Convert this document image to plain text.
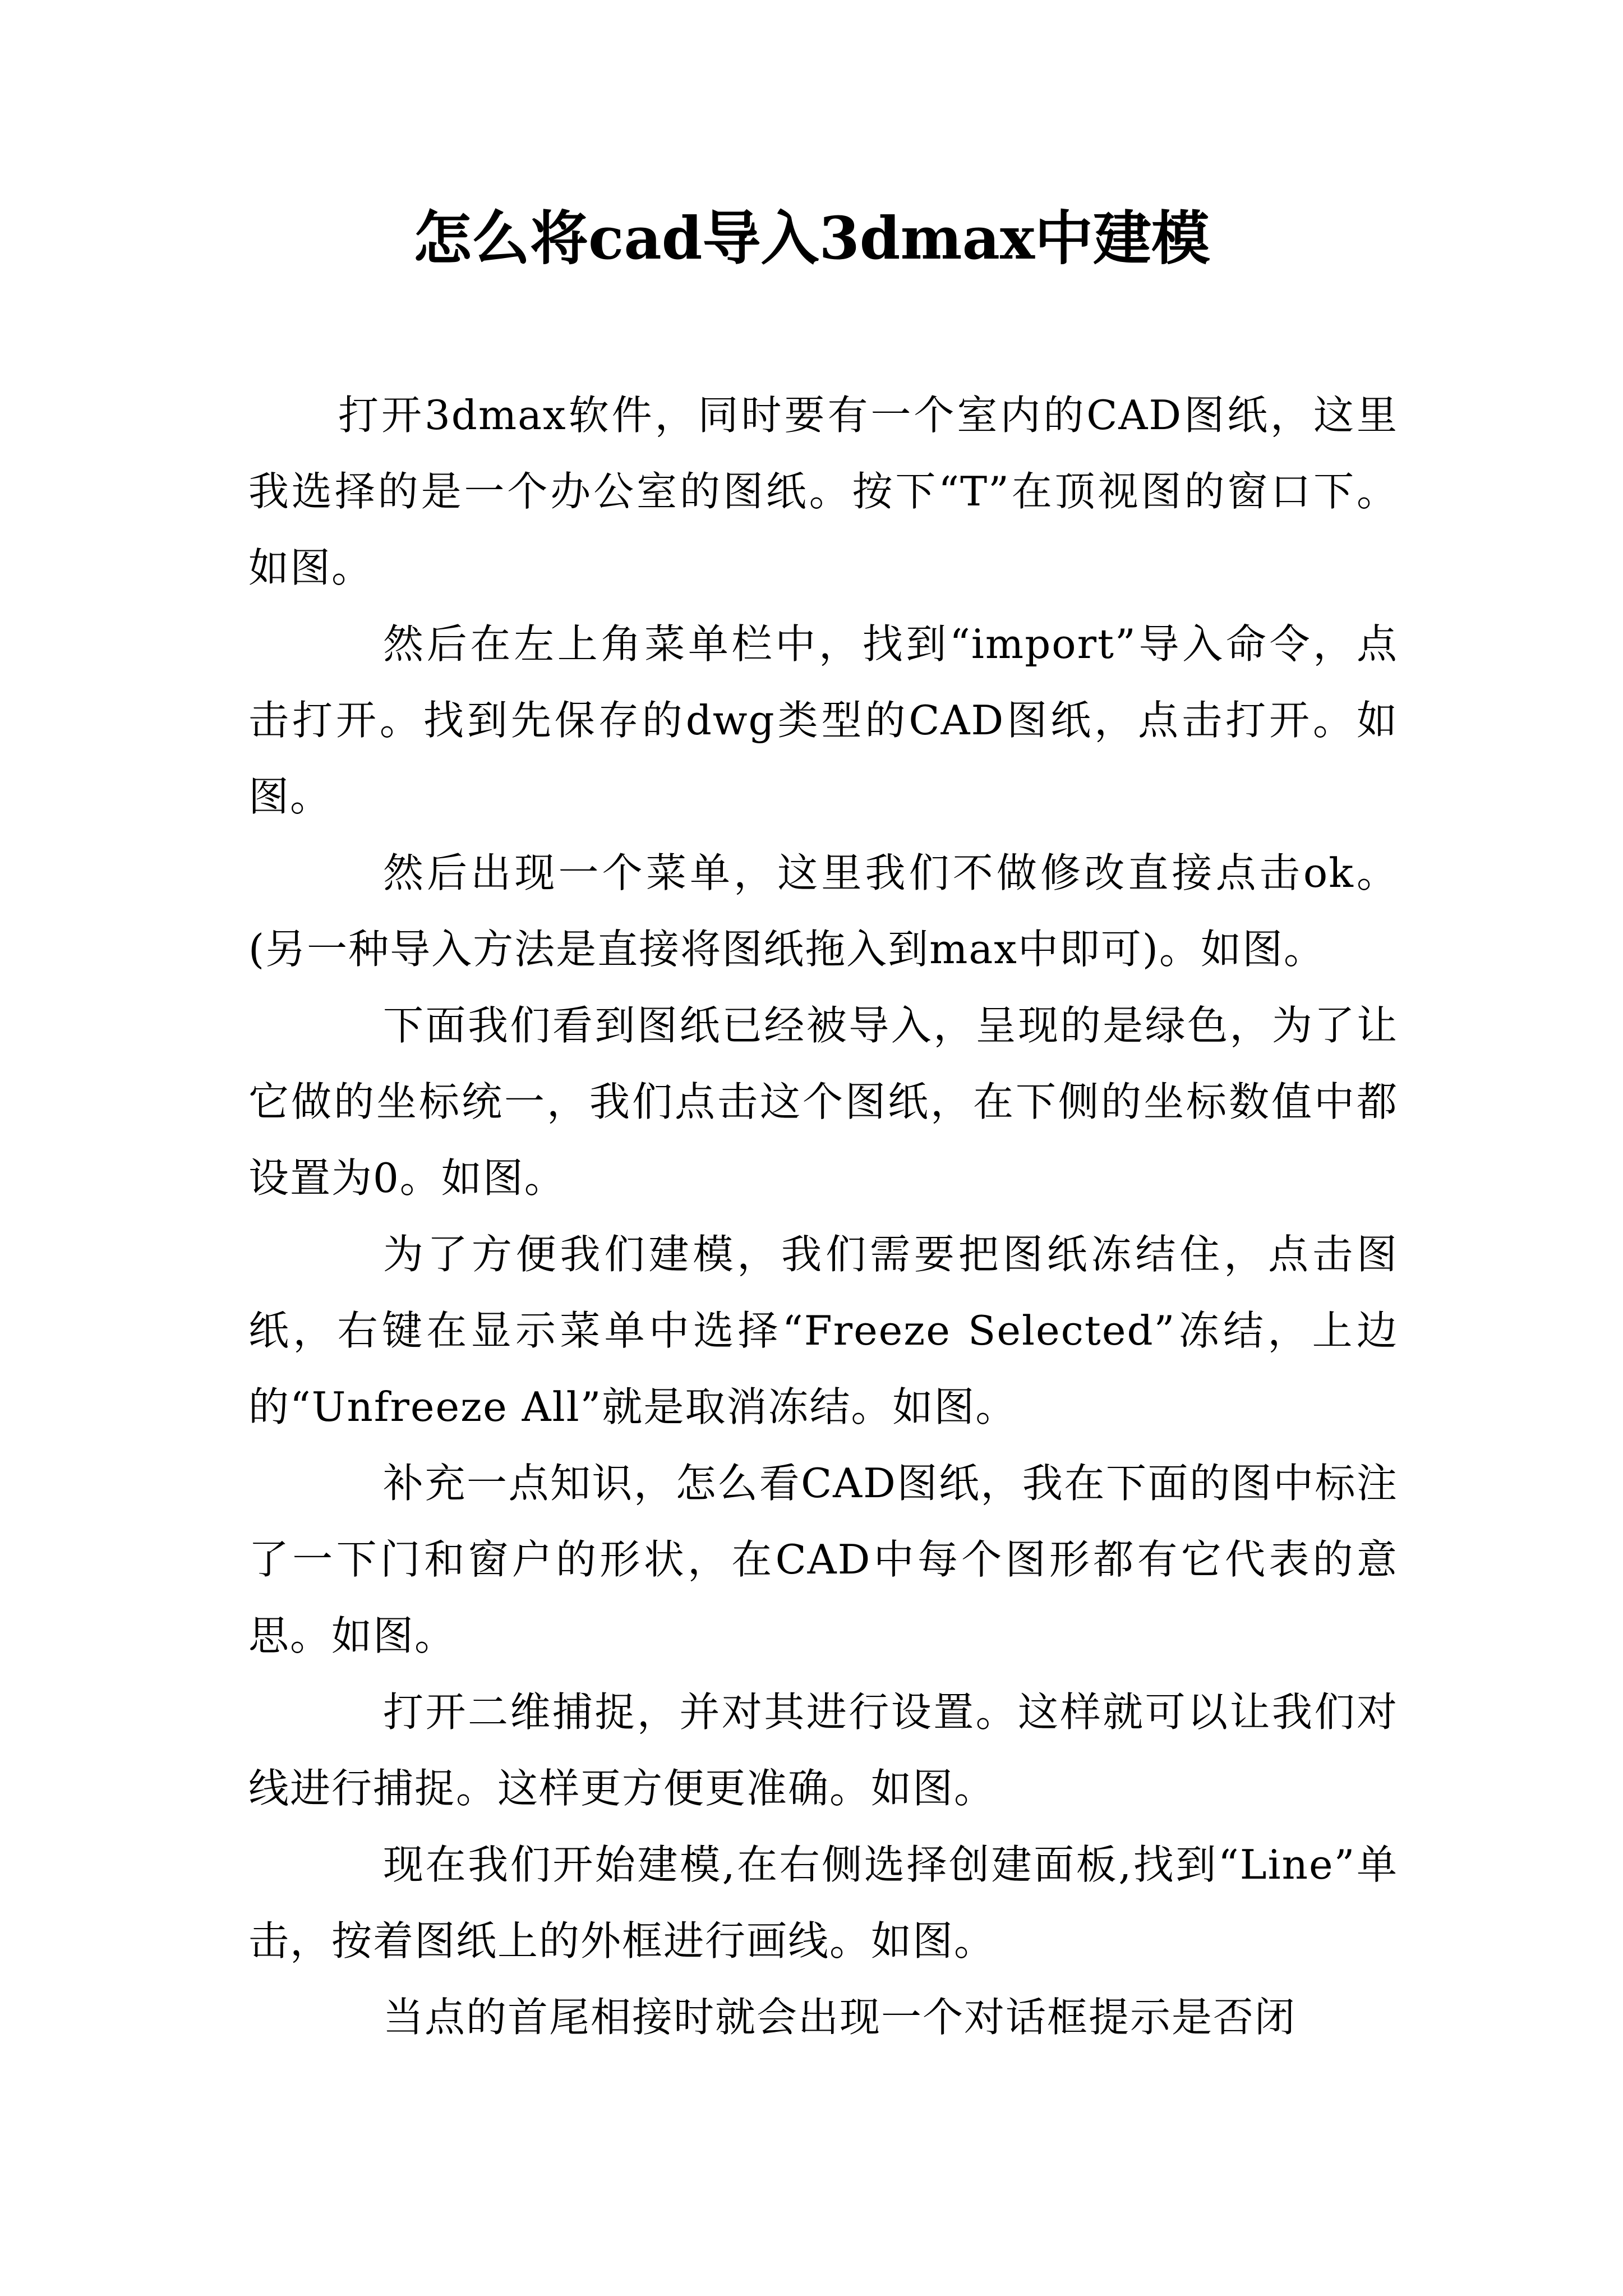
怎么将cad导入3dmax中建模

打开3dmax软件，同时要有一个室内的CAD图纸，这里我选择的是一个办公室的图纸。按下“T”在顶视图的窗口下。如图。

然后在左上角菜单栏中，找到“import”导入命令，点击打开。找到先保存的dwg类型的CAD图纸，点击打开。如图。

然后出现一个菜单，这里我们不做修改直接点击ok。(另一种导入方法是直接将图纸拖入到max中即可)。如图。

下面我们看到图纸已经被导入，呈现的是绿色，为了让它做的坐标统一，我们点击这个图纸，在下侧的坐标数值中都设置为0。如图。

为了方便我们建模，我们需要把图纸冻结住，点击图纸，右键在显示菜单中选择“Freeze Selected”冻结，上边的“Unfreeze All”就是取消冻结。如图。

补充一点知识，怎么看CAD图纸，我在下面的图中标注了一下门和窗户的形状，在CAD中每个图形都有它代表的意思。如图。

打开二维捕捉，并对其进行设置。这样就可以让我们对线进行捕捉。这样更方便更准确。如图。

现在我们开始建模,在右侧选择创建面板,找到“Line”单击，按着图纸上的外框进行画线。如图。

当点的首尾相接时就会出现一个对话框提示是否闭
